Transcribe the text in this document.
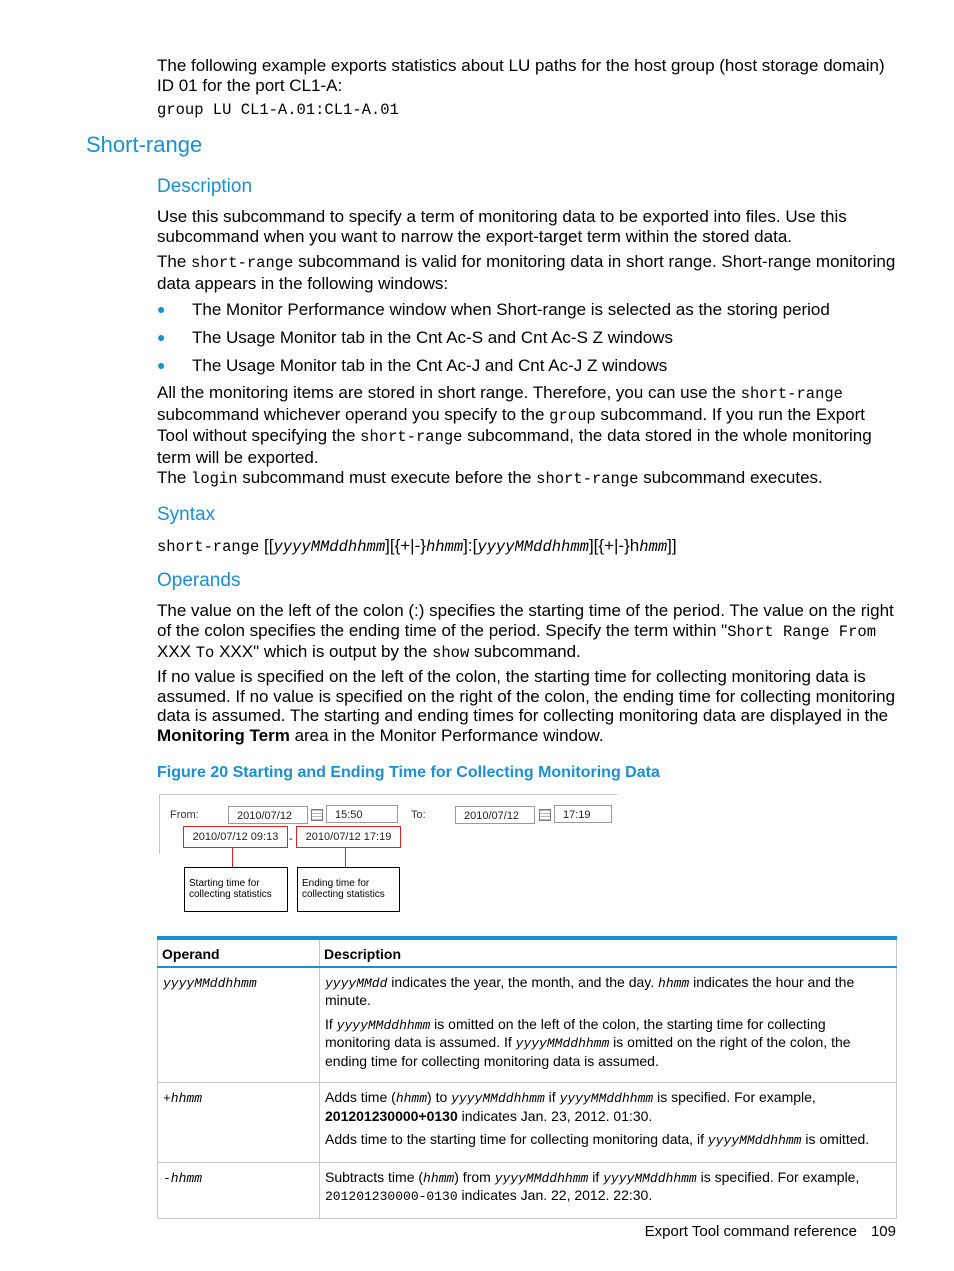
The following example exports statistics about LU paths for the host group (host storage domain) ID 01 for the port CL1-A:
group LU CL1-A.01:CL1-A.01
Short-range
Description
Use this subcommand to specify a term of monitoring data to be exported into files. Use this subcommand when you want to narrow the export-target term within the stored data.
The short-range subcommand is valid for monitoring data in short range. Short-range monitoring data appears in the following windows:
● The Monitor Performance window when Short-range is selected as the storing period
● The Usage Monitor tab in the Cnt Ac-S and Cnt Ac-S Z windows
● The Usage Monitor tab in the Cnt Ac-J and Cnt Ac-J Z windows
All the monitoring items are stored in short range. Therefore, you can use the short-range subcommand whichever operand you specify to the group subcommand. If you run the Export Tool without specifying the short-range subcommand, the data stored in the whole monitoring term will be exported.
The login subcommand must execute before the short-range subcommand executes.
Syntax
short-range [[yyyyMMddhhmm][{+|-}hhmm]:[yyyyMMddhhmm][{+|-}hhmm]]
Operands
The value on the left of the colon (:) specifies the starting time of the period. The value on the right of the colon specifies the ending time of the period. Specify the term within "Short Range From XXX To XXX" which is output by the show subcommand.
If no value is specified on the left of the colon, the starting time for collecting monitoring data is assumed. If no value is specified on the right of the colon, the ending time for collecting monitoring data is assumed. The starting and ending times for collecting monitoring data are displayed in the Monitoring Term area in the Monitor Performance window.
Figure 20 Starting and Ending Time for Collecting Monitoring Data
From:	2010/07/12	15:50	To:	2010/07/12	17:19
2010/07/12 09:13 -	2010/07/12 17:19
Starting time for collecting statistics
Ending time for collecting statistics
Operand	Description

yyyyMMddhhmm	yyyyMMdd indicates the year, the month, and the day. hhmm indicates the hour and the minute.

If yyyyMMddhhmm is omitted on the left of the colon, the starting time for collecting monitoring data is assumed. If yyyyMMddhhmm is omitted on the right of the colon, the ending time for collecting monitoring data is assumed.

+hhmm	Adds time (hhmm) to yyyyMMddhhmm if yyyyMMddhhmm is specified. For example, 201201230000+0130 indicates Jan. 23, 2012. 01:30.

Adds time to the starting time for collecting monitoring data, if yyyyMMddhhmm is omitted.

-hhmm	Subtracts time (hhmm) from yyyyMMddhhmm if yyyyMMddhhmm is specified. For example, 201201230000-0130 indicates Jan. 22, 2012. 22:30.

Export Tool command reference 109
